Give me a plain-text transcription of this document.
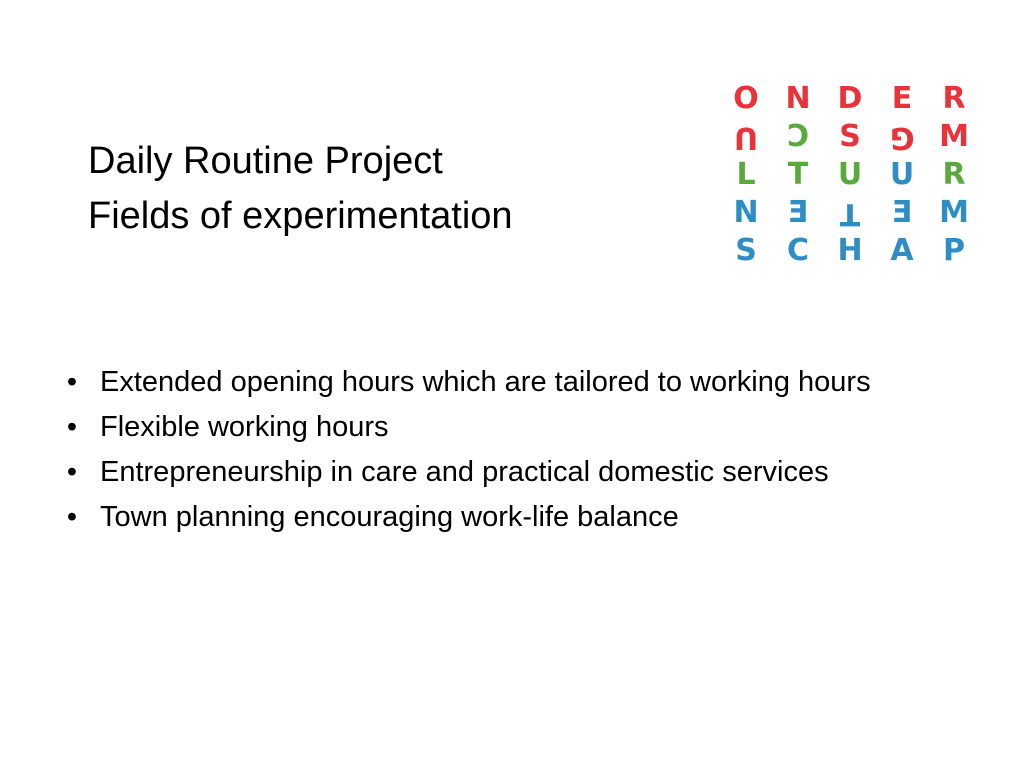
Daily Routine Project
Fields of experimentation
O N D E	R
U C	S G M
L	T U U R
N E	T	E M
S	C H A P
• Extended opening hours which are tailored to working hours
• Flexible working hours
• Entrepreneurship in care and practical domestic services
• Town planning encouraging work-life balance
